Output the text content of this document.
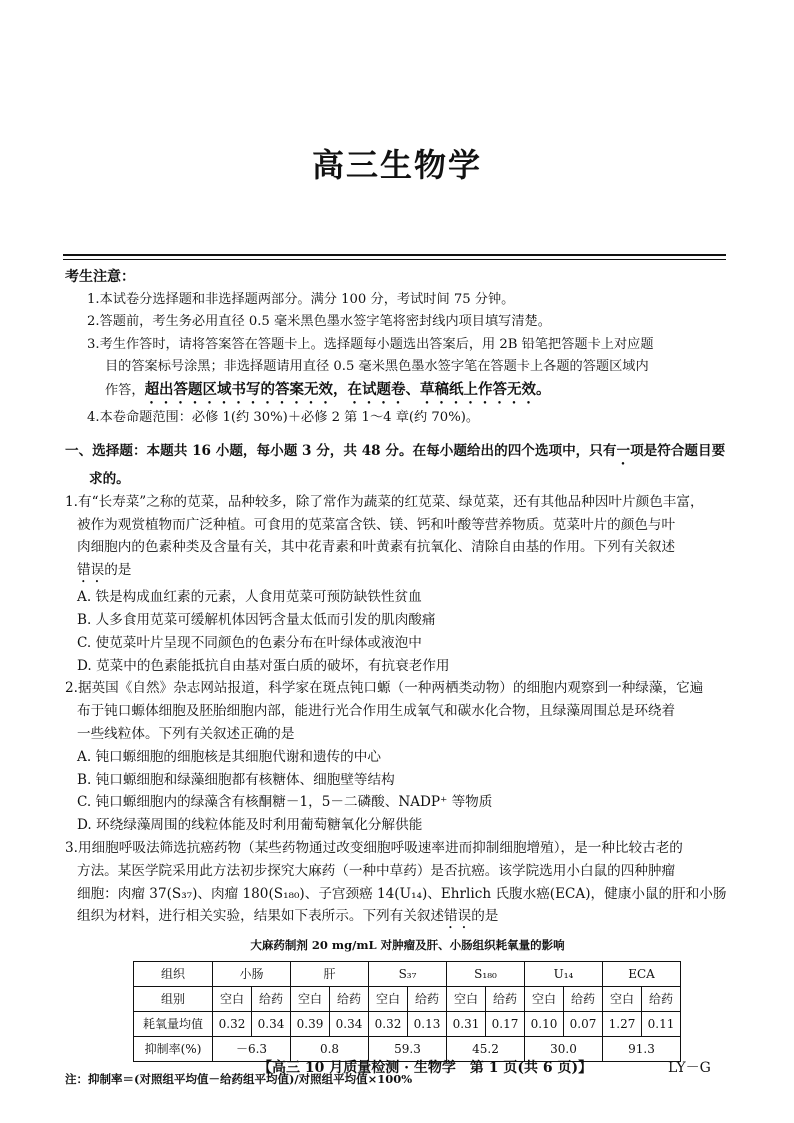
高三生物学
考生注意：
1.本试卷分选择题和非选择题两部分。满分 100 分，考试时间 75 分钟。
2.答题前，考生务必用直径 0.5 毫米黑色墨水签字笔将密封线内项目填写清楚。
3.考生作答时，请将答案答在答题卡上。选择题每小题选出答案后，用 2B 铅笔把答题卡上对应题
目的答案标号涂黑；非选择题请用直径 0.5 毫米黑色墨水签字笔在答题卡上各题的答题区域内
作答，超出答题区域书写的答案无效，在试题卷、草稿纸上作答无效。
4.本卷命题范围：必修 1(约 30%)＋必修 2 第 1～4 章(约 70%)。
一、选择题：本题共 16 小题，每小题 3 分，共 48 分。在每小题给出的四个选项中，只有一项是符合题目要
求的。
1.有“长寿菜”之称的苋菜，品种较多，除了常作为蔬菜的红苋菜、绿苋菜，还有其他品种因叶片颜色丰富，
被作为观赏植物而广泛种植。可食用的苋菜富含铁、镁、钙和叶酸等营养物质。苋菜叶片的颜色与叶
肉细胞内的色素种类及含量有关，其中花青素和叶黄素有抗氧化、清除自由基的作用。下列有关叙述
错误的是
A. 铁是构成血红素的元素，人食用苋菜可预防缺铁性贫血
B. 人多食用苋菜可缓解机体因钙含量太低而引发的肌肉酸痛
C. 使苋菜叶片呈现不同颜色的色素分布在叶绿体或液泡中
D. 苋菜中的色素能抵抗自由基对蛋白质的破坏，有抗衰老作用
2.据英国《自然》杂志网站报道，科学家在斑点钝口螈（一种两栖类动物）的细胞内观察到一种绿藻，它遍
布于钝口螈体细胞及胚胎细胞内部，能进行光合作用生成氧气和碳水化合物，且绿藻周围总是环绕着
一些线粒体。下列有关叙述正确的是
A. 钝口螈细胞的细胞核是其细胞代谢和遗传的中心
B. 钝口螈细胞和绿藻细胞都有核糖体、细胞壁等结构
C. 钝口螈细胞内的绿藻含有核酮糖－1，5－二磷酸、NADP⁺ 等物质
D. 环绕绿藻周围的线粒体能及时利用葡萄糖氧化分解供能
3.用细胞呼吸法筛选抗癌药物（某些药物通过改变细胞呼吸速率进而抑制细胞增殖），是一种比较古老的
方法。某医学院采用此方法初步探究大麻药（一种中草药）是否抗癌。该学院选用小白鼠的四种肿瘤
细胞：肉瘤 37(S₃₇)、肉瘤 180(S₁₈₀)、子宫颈癌 14(U₁₄)、Ehrlich 氏腹水癌(ECA)，健康小鼠的肝和小肠
组织为材料，进行相关实验，结果如下表所示。下列有关叙述错误的是
大麻药制剂 20 mg/mL 对肿瘤及肝、小肠组织耗氧量的影响
组织	小肠		肝		S₃₇		S₁₈₀		U₁₄		ECA	
组别	空白	给药	空白	给药	空白	给药	空白	给药	空白	给药	空白	给药
耗氧量均值	0.32	0.34	0.39	0.34	0.32	0.13	0.31	0.17	0.10	0.07	1.27	0.11
抑制率(%)	－6.3		0.8		59.3		45.2		30.0		91.3	
注：抑制率＝(对照组平均值－给药组平均值)/对照组平均值×100%
【高三 10 月质量检测 · 生物学　第 1 页(共 6 页)】	LY－G
